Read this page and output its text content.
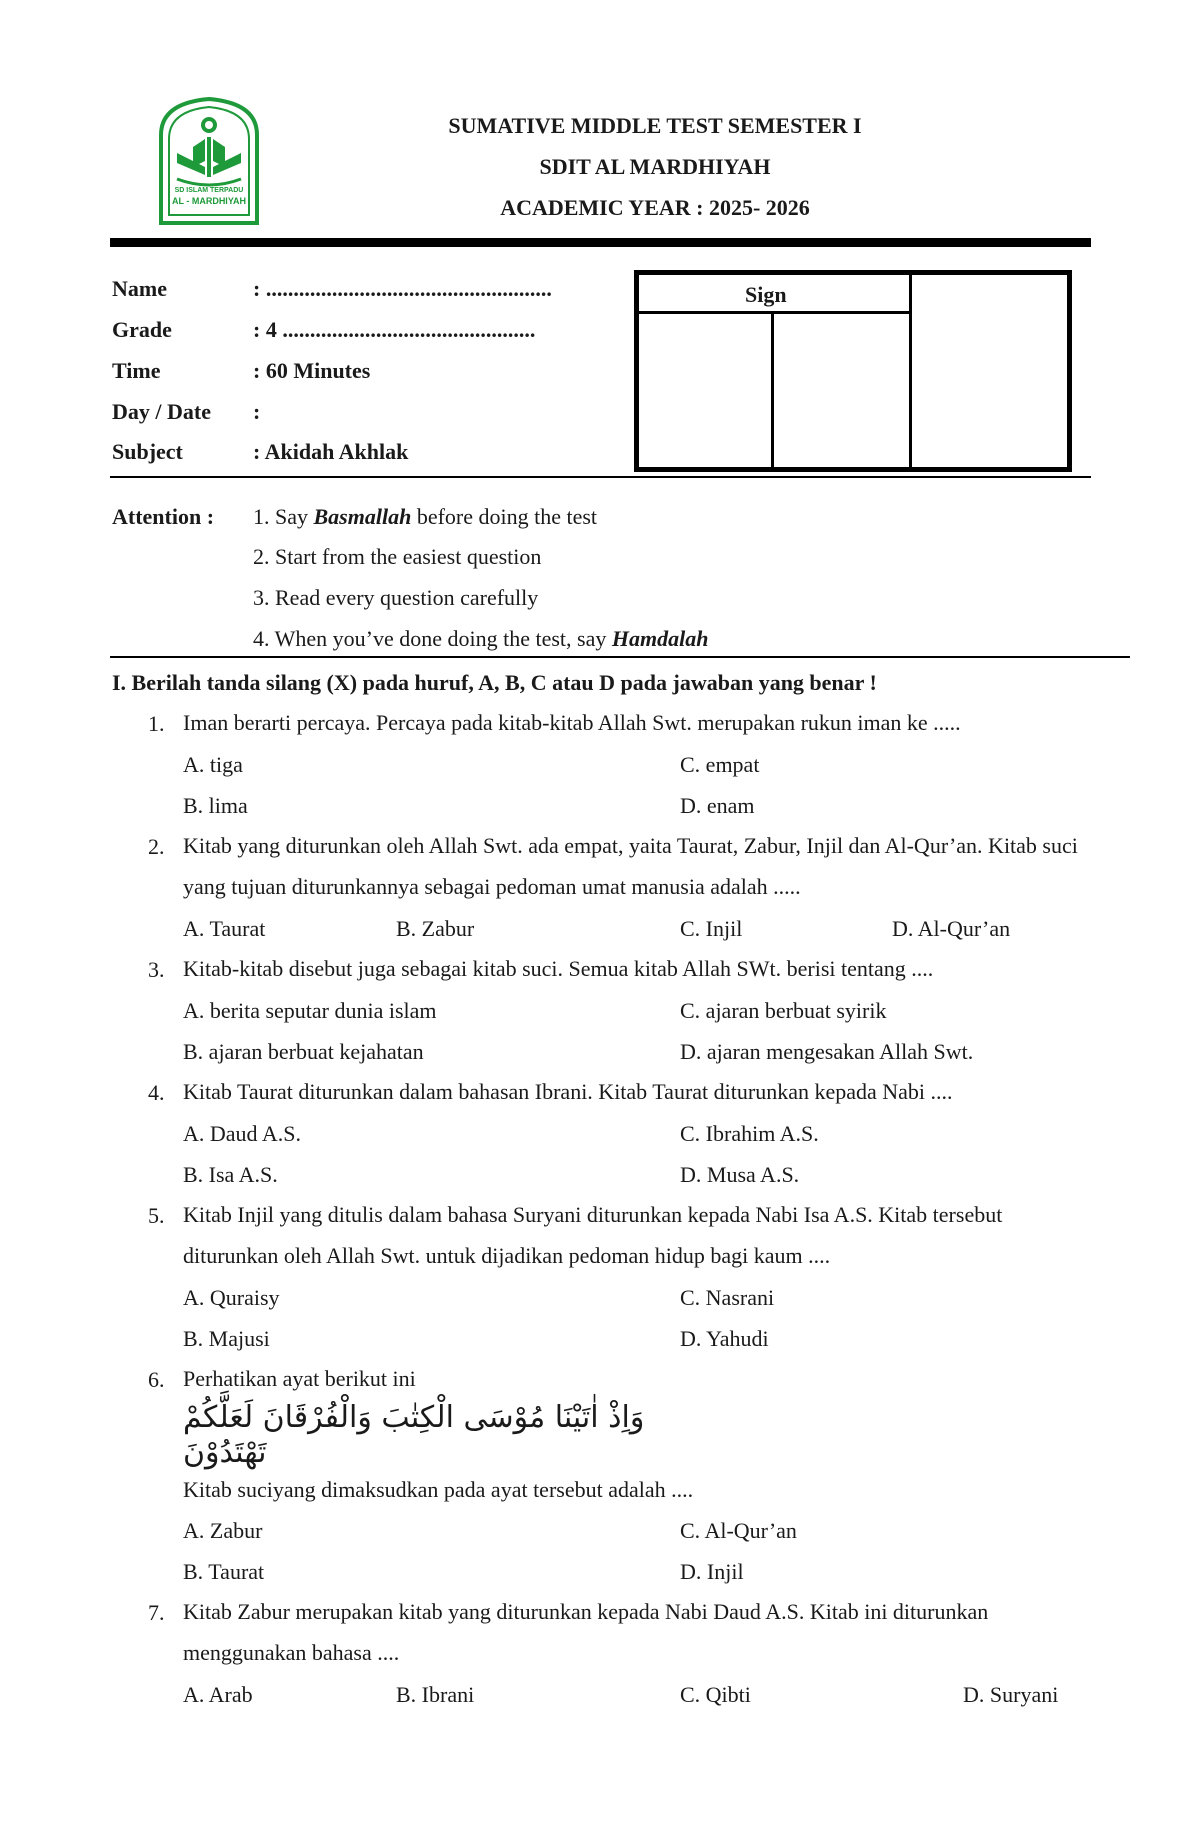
SD ISLAM TERPADU
AL - MARDHIYAH
SUMATIVE MIDDLE TEST SEMESTER I
SDIT AL MARDHIYAH
ACADEMIC YEAR : 2025- 2026
Name	: ....................................................
Grade	: 4 ..............................................
Time	: 60 Minutes
Day / Date :
Subject	: Akidah Akhlak
Sign
Attention : 1. Say Basmallah before doing the test
2. Start from the easiest question
3. Read every question carefully
4. When you’ve done doing the test, say Hamdalah
I. Berilah tanda silang (X) pada huruf, A, B, C atau D pada jawaban yang benar !
1. Iman berarti percaya. Percaya pada kitab-kitab Allah Swt. merupakan rukun iman ke .....
A. tiga	C. empat
B. lima	D. enam
2. Kitab yang diturunkan oleh Allah Swt. ada empat, yaita Taurat, Zabur, Injil dan Al-Qur’an. Kitab suci yang tujuan diturunkannya sebagai pedoman umat manusia adalah .....
A. Taurat	B. Zabur	C. Injil	D. Al-Qur’an
3. Kitab-kitab disebut juga sebagai kitab suci. Semua kitab Allah SWt. berisi tentang ....
A. berita seputar dunia islam	C. ajaran berbuat syirik
B. ajaran berbuat kejahatan	D. ajaran mengesakan Allah Swt.
4. Kitab Taurat diturunkan dalam bahasan Ibrani. Kitab Taurat diturunkan kepada Nabi ....
A. Daud A.S.	C. Ibrahim A.S.
B. Isa A.S.	D. Musa A.S.
5. Kitab Injil yang ditulis dalam bahasa Suryani diturunkan kepada Nabi Isa A.S. Kitab tersebut diturunkan oleh Allah Swt. untuk dijadikan pedoman hidup bagi kaum ....
A. Quraisy	C. Nasrani
B. Majusi	D. Yahudi
6. Perhatikan ayat berikut ini
وَاِذْ اٰتَيْنَا مُوْسَى الْكِتٰبَ وَالْفُرْقَانَ لَعَلَّكُمْ تَهْتَدُوْنَ
Kitab suciyang dimaksudkan pada ayat tersebut adalah ....
A. Zabur	C. Al-Qur’an
B. Taurat	D. Injil
7. Kitab Zabur merupakan kitab yang diturunkan kepada Nabi Daud A.S. Kitab ini diturunkan menggunakan bahasa ....
A. Arab	B. Ibrani	C. Qibti	D. Suryani
